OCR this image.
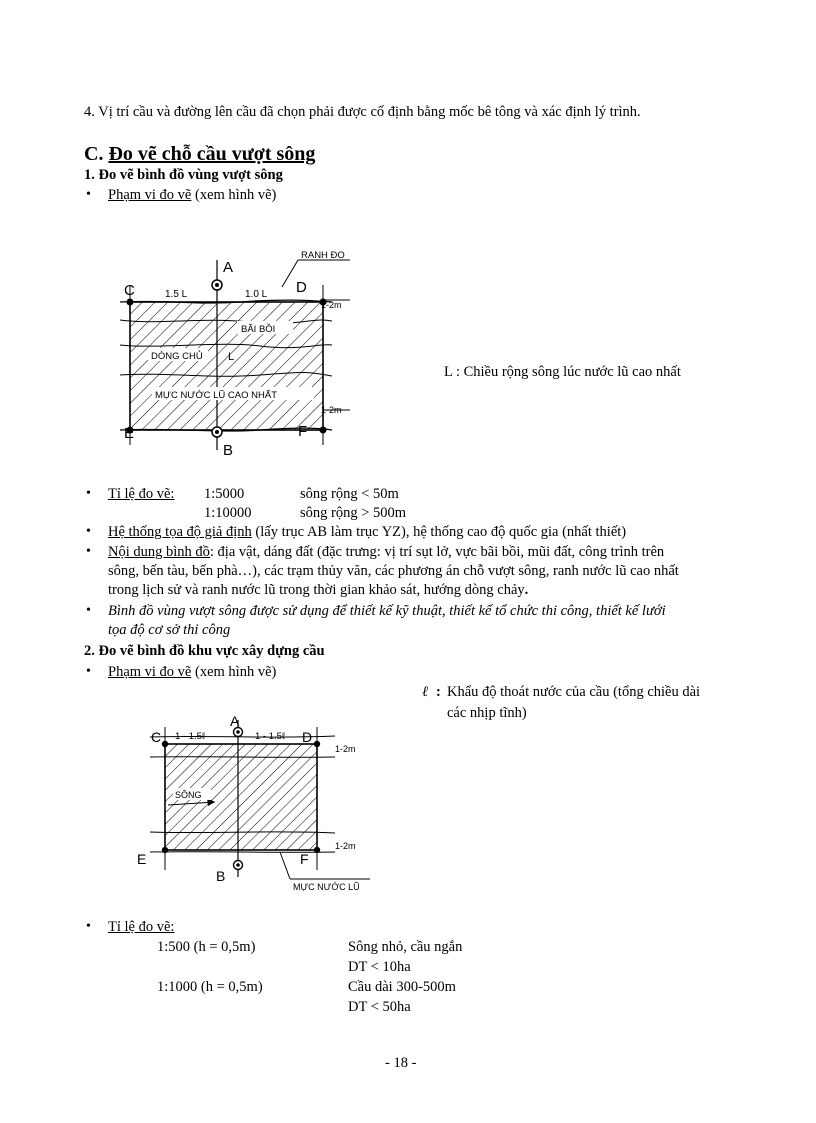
4. Vị trí cầu và đường lên cầu đã chọn phải được cố định bằng mốc bê tông và xác định lý trình.
C. Đo vẽ chỗ cầu vượt sông
1. Đo vẽ bình đồ vùng vượt sông
• Phạm vi đo vẽ (xem hình vẽ)
A
B
C	D
E	F
1.5 L	1.0 L
RANH ĐO
1-2m
1-2m
BÃI BỒI
DÒNG CHỦ L
MỰC NƯỚC LŨ CAO NHẤT
L : Chiều rộng sông lúc nước lũ cao nhất
• Tỉ lệ đo vẽ: 1:5000	sông rộng < 50m
1:10000	sông rộng > 500m
• Hệ thống tọa độ giả định (lấy trục AB làm trục YZ), hệ thống cao độ quốc gia (nhất thiết)
• Nội dung bình đồ: địa vật, dáng đất (đặc trưng: vị trí sụt lở, vực bãi bồi, mũi đất, công trình trên
sông, bến tàu, bến phà…), các trạm thủy văn, các phương án chỗ vượt sông, ranh nước lũ cao nhất
trong lịch sử và ranh nước lũ trong thời gian khảo sát, hướng dòng chảy.
• Bình đồ vùng vượt sông được sử dụng để thiết kế kỹ thuật, thiết kế tổ chức thi công, thiết kế lưới
tọa độ cơ sở thi công
2. Đo vẽ bình đồ khu vực xây dựng cầu
• Phạm vi đo vẽ (xem hình vẽ)
ℓ : Khẩu độ thoát nước của cầu (tổng chiều dài
các nhịp tĩnh)
A
B
C	D
E	F
1 - 1.5ℓ	1 - 1.5ℓ
1-2m
1-2m
SÔNG
MỰC NƯỚC LŨ
• Tỉ lệ đo vẽ:
1:500 (h = 0,5m)	Sông nhỏ, cầu ngắn
DT < 10ha
1:1000 (h = 0,5m)	Cầu dài 300-500m
DT < 50ha
- 18 -
